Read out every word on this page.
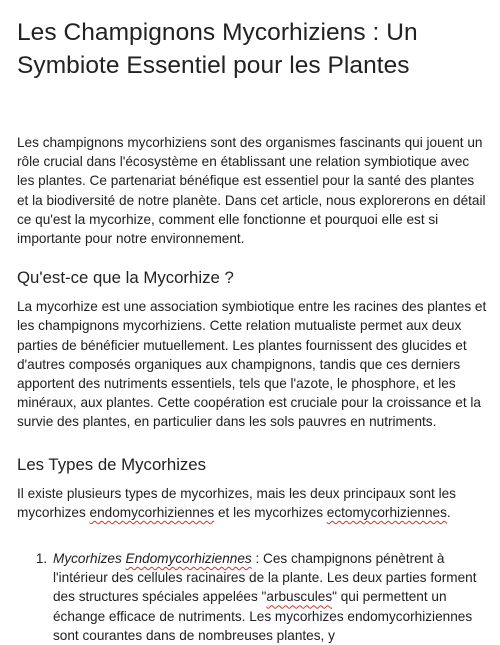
Les Champignons Mycorhiziens : Un Symbiote Essentiel pour les Plantes

Les champignons mycorhiziens sont des organismes fascinants qui jouent un rôle crucial dans l'écosystème en établissant une relation symbiotique avec les plantes. Ce partenariat bénéfique est essentiel pour la santé des plantes et la biodiversité de notre planète. Dans cet article, nous explorerons en détail ce qu'est la mycorhize, comment elle fonctionne et pourquoi elle est si importante pour notre environnement.

Qu'est-ce que la Mycorhize ?

La mycorhize est une association symbiotique entre les racines des plantes et les champignons mycorhiziens. Cette relation mutualiste permet aux deux parties de bénéficier mutuellement. Les plantes fournissent des glucides et d'autres composés organiques aux champignons, tandis que ces derniers apportent des nutriments essentiels, tels que l'azote, le phosphore, et les minéraux, aux plantes. Cette coopération est cruciale pour la croissance et la survie des plantes, en particulier dans les sols pauvres en nutriments.

Les Types de Mycorhizes

Il existe plusieurs types de mycorhizes, mais les deux principaux sont les mycorhizes endomycorhiziennes et les mycorhizes ectomycorhiziennes.

1. Mycorhizes Endomycorhiziennes : Ces champignons pénètrent à l'intérieur des cellules racinaires de la plante. Les deux parties forment des structures spéciales appelées "arbuscules" qui permettent un échange efficace de nutriments. Les mycorhizes endomycorhiziennes sont courantes dans de nombreuses plantes, y
